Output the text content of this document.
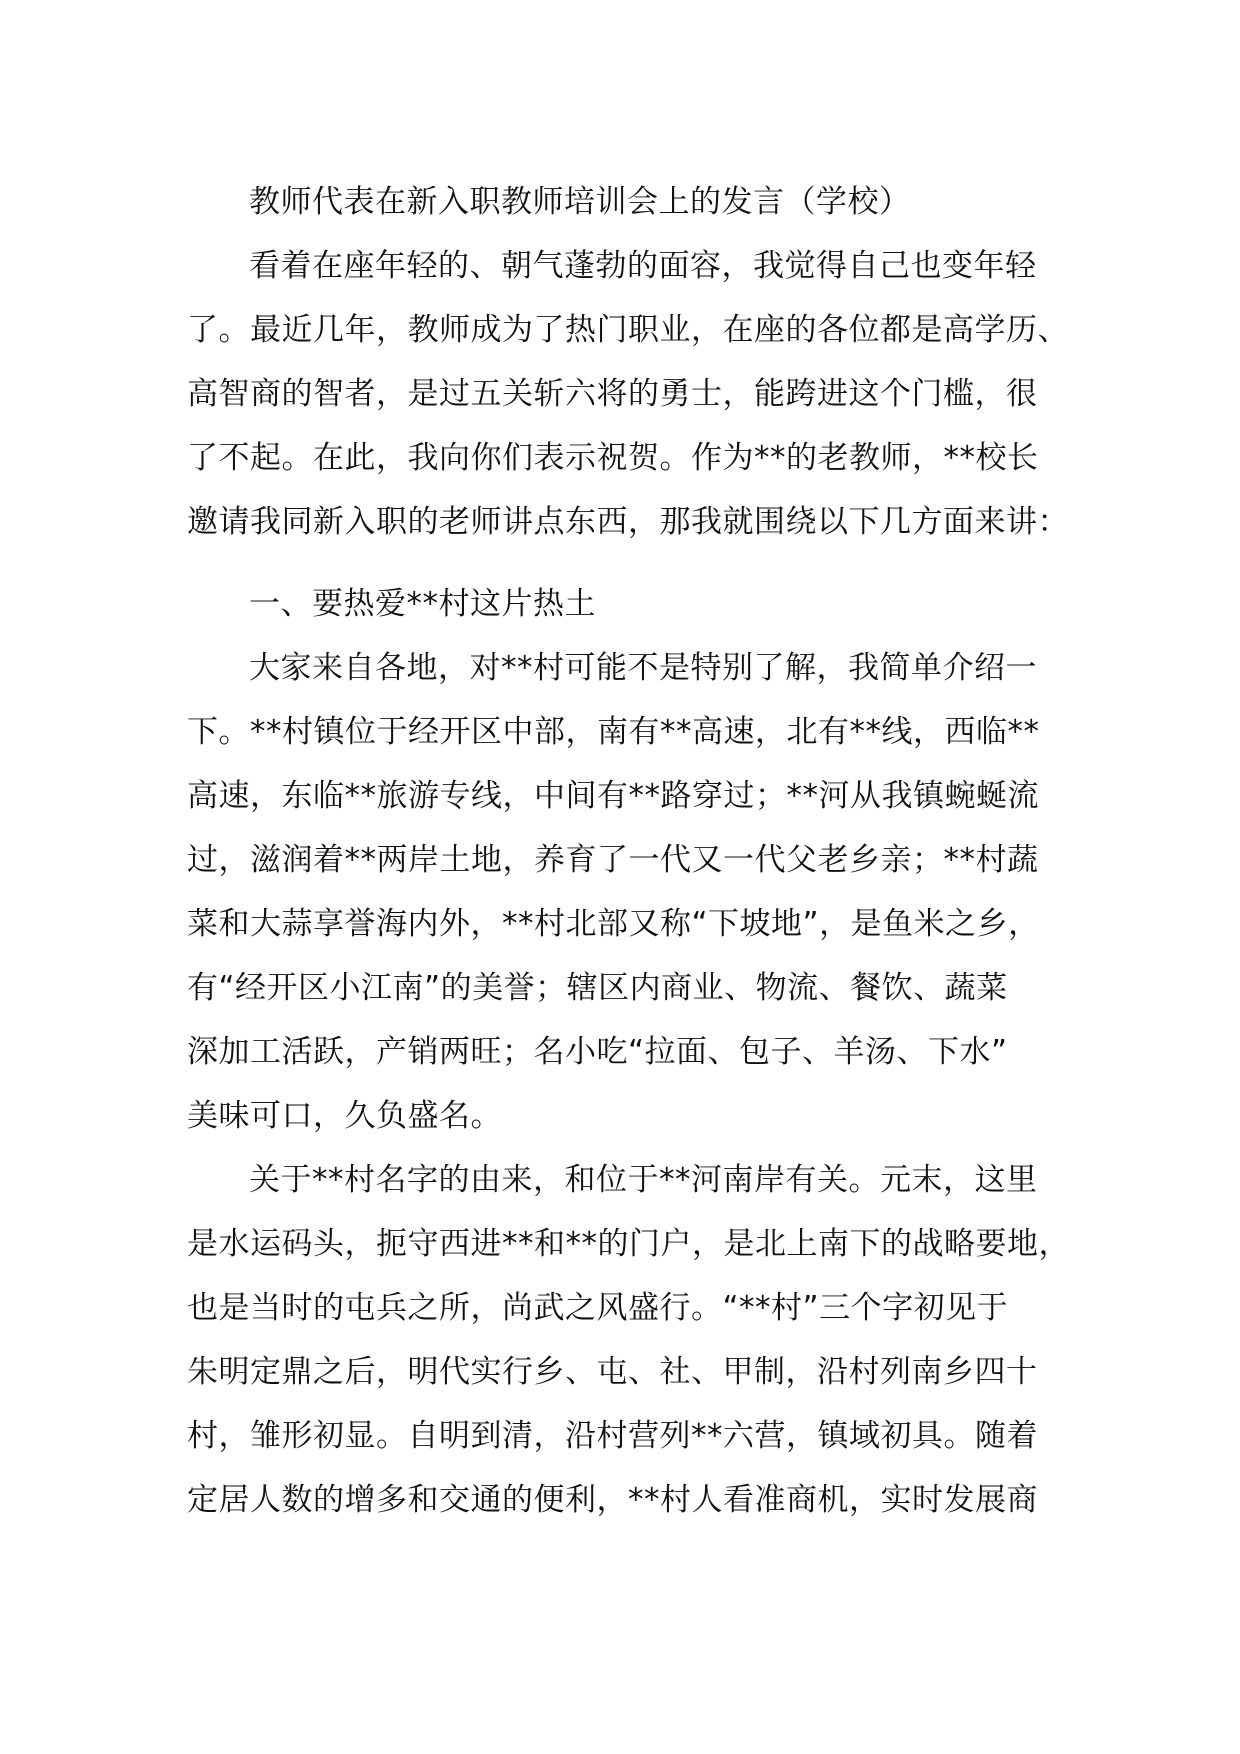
教师代表在新入职教师培训会上的发言（学校）
看着在座年轻的、朝气蓬勃的面容，我觉得自己也变年轻
了。最近几年，教师成为了热门职业，在座的各位都是高学历、
高智商的智者，是过五关斩六将的勇士，能跨进这个门槛，很
了不起。在此，我向你们表示祝贺。作为**的老教师，**校长
邀请我同新入职的老师讲点东西，那我就围绕以下几方面来讲：
一、要热爱**村这片热土
大家来自各地，对**村可能不是特别了解，我简单介绍一
下。**村镇位于经开区中部，南有**高速，北有**线，西临**
高速，东临**旅游专线，中间有**路穿过；**河从我镇蜿蜒流
过，滋润着**两岸土地，养育了一代又一代父老乡亲；**村蔬
菜和大蒜享誉海内外，**村北部又称“下坡地”，是鱼米之乡，
有“经开区小江南”的美誉；辖区内商业、物流、餐饮、蔬菜
深加工活跃，产销两旺；名小吃“拉面、包子、羊汤、下水”
美味可口，久负盛名。
关于**村名字的由来，和位于**河南岸有关。元末，这里
是水运码头，扼守西进**和**的门户，是北上南下的战略要地，
也是当时的屯兵之所，尚武之风盛行。“**村”三个字初见于
朱明定鼎之后，明代实行乡、屯、社、甲制，沿村列南乡四十
村，雏形初显。自明到清，沿村营列**六营，镇域初具。随着
定居人数的增多和交通的便利，**村人看准商机，实时发展商
